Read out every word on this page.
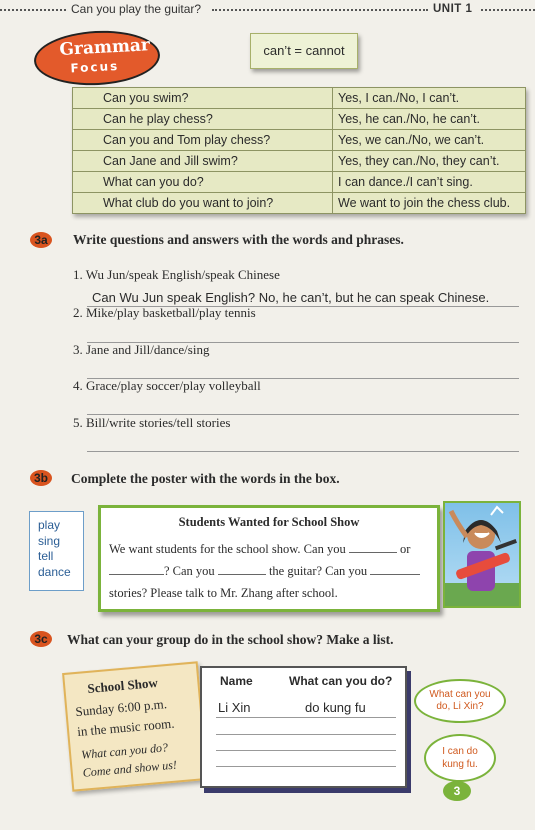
Can you play the guitar?	UNIT 1
Grammar
Focus
can’t = cannot
Can you swim?	Yes, I can./No, I can’t.
Can he play chess?	Yes, he can./No, he can’t.
Can you and Tom play chess?	Yes, we can./No, we can’t.
Can Jane and Jill swim?	Yes, they can./No, they can’t.
What can you do?	I can dance./I can’t sing.
What club do you want to join?	We want to join the chess club.
3a	Write questions and answers with the words and phrases.
1. Wu Jun/speak English/speak Chinese
Can Wu Jun speak English? No, he can’t, but he can speak Chinese.
2. Mike/play basketball/play tennis
3. Jane and Jill/dance/sing
4. Grace/play soccer/play volleyball
5. Bill/write stories/tell stories
3b Complete the poster with the words in the box.
play
sing
tell
dance
Students Wanted for School Show
We want students for the school show. Can you	or
? Can you	the guitar? Can you
stories? Please talk to Mr. Zhang after school.
3c	What can your group do in the school show? Make a list.
School Show
Sunday 6:00 p.m.
in the music room.
What can you do?
Come and show us!
Name	What can you do?
Li Xin	do kung fu
What can you do, Li Xin?
I can do kung fu.
3
